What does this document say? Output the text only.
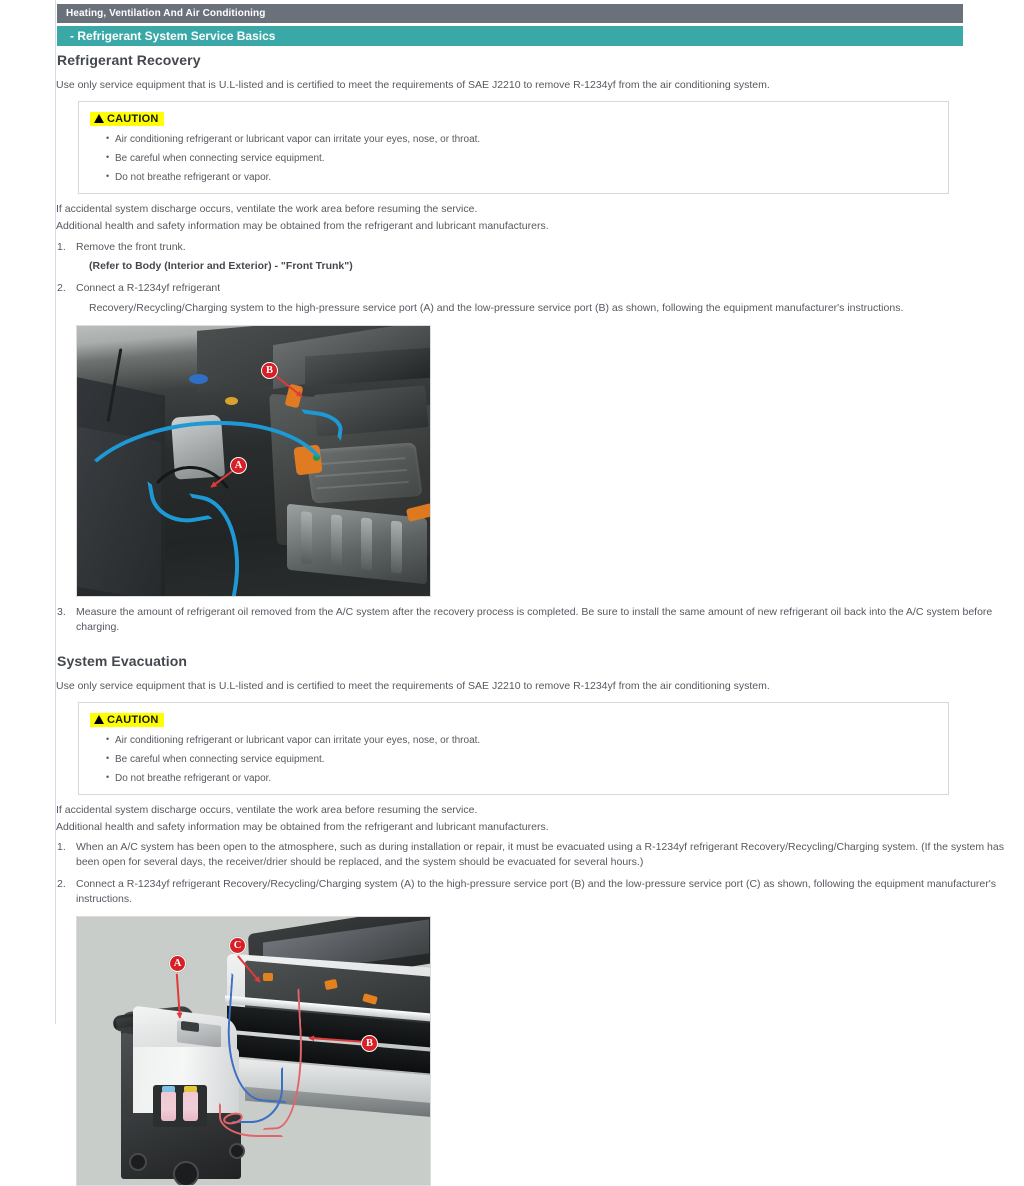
Heating, Ventilation And Air Conditioning
- Refrigerant System Service Basics
Refrigerant Recovery

Use only service equipment that is U.L-listed and is certified to meet the requirements of SAE J2210 to remove R-1234yf from the air conditioning system.

CAUTION
• Air conditioning refrigerant or lubricant vapor can irritate your eyes, nose, or throat.
• Be careful when connecting service equipment.
• Do not breathe refrigerant or vapor.

If accidental system discharge occurs, ventilate the work area before resuming the service.

Additional health and safety information may be obtained from the refrigerant and lubricant manufacturers.

1. Remove the front trunk.
(Refer to Body (Interior and Exterior) - "Front Trunk")
2. Connect a R-1234yf refrigerant
Recovery/Recycling/Charging system to the high-pressure service port (A) and the low-pressure service port (B) as shown, following the equipment manufacturer's instructions.
B
A
3. Measure the amount of refrigerant oil removed from the A/C system after the recovery process is completed. Be sure to install the same amount of new refrigerant oil back into the A/C system before charging.
System Evacuation

Use only service equipment that is U.L-listed and is certified to meet the requirements of SAE J2210 to remove R-1234yf from the air conditioning system.

CAUTION
• Air conditioning refrigerant or lubricant vapor can irritate your eyes, nose, or throat.
• Be careful when connecting service equipment.
• Do not breathe refrigerant or vapor.

If accidental system discharge occurs, ventilate the work area before resuming the service.

Additional health and safety information may be obtained from the refrigerant and lubricant manufacturers.

1. When an A/C system has been open to the atmosphere, such as during installation or repair, it must be evacuated using a R-1234yf refrigerant Recovery/Recycling/Charging system. (If the system has been open for several days, the receiver/drier should be replaced, and the system should be evacuated for several hours.)
2. Connect a R-1234yf refrigerant Recovery/Recycling/Charging system (A) to the high-pressure service port (B) and the low-pressure service port (C) as shown, following the equipment manufacturer's instructions.
A
C
B
